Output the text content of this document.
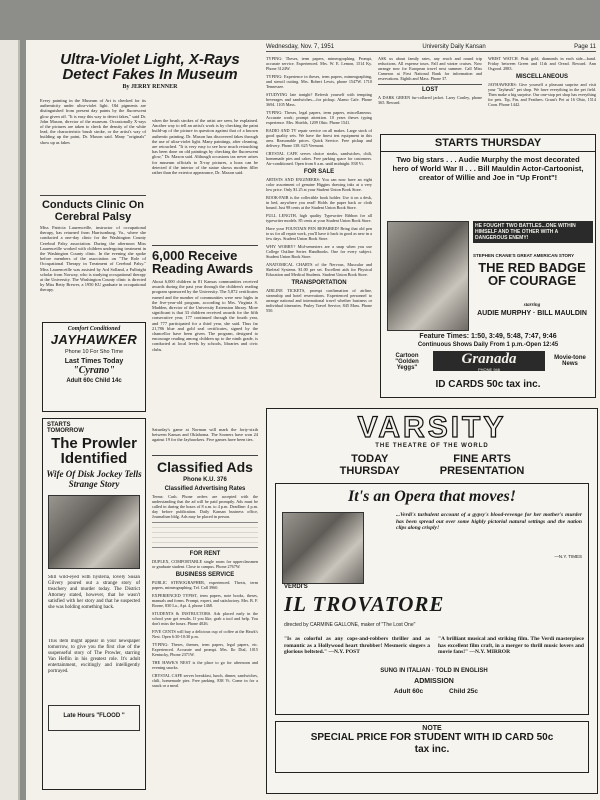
Wednesday, Nov. 7, 1951	University Daily Kansan	Page 11
Ultra-Violet Light, X-Rays Detect Fakes In Museum
By JERRY RENNER
Every painting in the Museum of Art is checked for its authenticity under ultra-violet light. Old pigments are distinguished from present day paints by the fluorescent glow given off. "It is easy this way to detect fakes," said Dr. John Maxon, director of the museum. Occasionally X-rays of the pictures are taken to check the density of the white lead, the characteristic brush stroke, or the artist's way of building up the paint, Dr. Maxon said. Many "originals" show up as fakes
when the brush strokes of the artist are seen, he explained. Another way to tell an artist's work is by checking the paint build-up of the picture in question against that of a known authentic painting. Dr. Maxon has discovered fakes through the use of ultra-violet light. Many paintings, after cleaning, are retouched. "It is very easy to see how much retouching has been done on old paintings by checking the fluorescent glow," Dr. Maxon said. Although occasions tax never arises for museum officials to X-ray pictures, a hoax can be detected if the interior of the statue shows modern filler rather than the exterior appearance, Dr. Maxon said.
Conducts Clinic On Cerebral Palsy
Miss Patricia Laurenceille, instructor of occupational therapy, has returned from Harrisonburg, Va., where she conducted a one-day clinic for the Washington County Cerebral Palsy association. During the afternoon Miss Laurenceille worked with children undergoing treatment in the Washington County clinic. In the evening she spoke before members of the association on "The Role of Occupational Therapy in Treatment of Cerebral Palsy." Miss Laurenceille was assisted by Ard Solland, a Fulbright scholar from Norway, who is studying occupational therapy at the University. The Washington County clinic is directed by Miss Betty Brewer, a 1950 KU graduate in occupational therapy.
6,000 Receive Reading Awards
About 6,000 children in 81 Kansas communities received awards during the past year through the children's reading program sponsored by the University. The 5,872 certificates earned and the number of communities were new highs in the five-year-old program, according to Mrs. Virginia S. Madden, director of the University Extension library. More significant is that 33 children received awards for the fifth consecutive year, 177 continued through the fourth year, and 777 participated for a third year, she said. Thus far 21,786 blue and gold seal certificates, signed by the chancellor have been given. The program, designed to encourage reading among children up to the ninth grade, is conducted at local levels by schools, libraries and civic clubs.
Saturday's game at Norman will mark the forty-sixth between Kansas and Oklahoma. The Sooners have won 24 against 19 for the Jayhawkers. Five games have been ties.
Comfort Conditioned
JAYHAWKER
Phone 10 For Sho Time
Last Times Today
"Cyrano"
Adult 60c Child 14c
STARTS
TOMORROW
The Prowler Identified
Wife Of Disk Jockey Tells Strange Story
Still wild-eyed with hysteria, lovely Susan Gilvery poured out a strange story of treachery and murder today. The District Attorney stated, however, that he wasn't satisfied with her story and that he suspected she was holding something back.
This item might appear in your newspaper tomorrow, to give you the first clue of the suspenseful story of The Prowler, starring Van Heflin in his greatest role. It's adult entertainment, excitingly and intelligently portrayed.
Late Hours "FLOOD "
Classified Ads
Phone K.U. 376
Classified Advertising Rates
Terms: Cash. Phone orders are accepted with the understanding that the ad will be paid promptly. Ads must be called in during the hours of 8 a.m. to 4 p.m. Deadline: 4 p.m. day before publication. Daily Kansan business office, Journalism bldg. Ads may be placed in person.
FOR RENT
DUPLEX, COMFORTABLE single room for upperclassmen or graduate student. Close to campus. Phone 2767W.
BUSINESS SERVICE
PUBLIC STENOGRAPHER, experienced. Thesis, term papers, mimeographing. Tel. Call 3960.
EXPERIENCED TYPIST, term papers, note books, theses, manuals and forms. Prompt, expert, and satisfactory. Mrs. B. F. Boone, 830 La., Apt. 4, phone 1468.
STUDENTS & INSTRUCTORS. Ads placed early in the school year get results. If you like, grab a tool and help. You don't miss the hours. Phone 4026.
FIVE CENTS will buy a delicious cup of coffee at the Hawk's Nest. Open 6:30-10:30 p.m.
TYPING: Theses, themes, term papers, legal papers, etc. Experienced. Accurate and prompt. Mrs. Ilo Dial, 1015 Kentucky, Phone 2371W.
THE HAWK'S NEST is the place to go for afternoon and evening snacks.
CRYSTAL CAFE serves breakfast, lunch, dinner, sandwiches, chili, homemade pies. Free parking. 838 Vt. Come in for a snack or a meal.
TYPING: Theses, term papers, mimeographing. Prompt, accurate service. Experienced. Mrs. W. E. Lemon, 1514 Ky. Phone 3124W.
TYPING: Experience in theses, term papers, mimeographing, and stencil cutting. Mrs. Robert Lewis, phone 1547W. 1710 Tennessee.
STUDYING late tonight? Refresh yourself with tempting beverages and sandwiches—for pickup. Alamo Cafe. Phone 3694. 1105 Mass.
TYPING: Theses, legal papers, term papers, miscellaneous. Accurate work; prompt attention. 10 years theses typing experience. Mrs. Shields, 1209 Ohio. Phone 1541.
RADIO AND TV repair service on all makes. Large stock of good quality sets. We have the finest test equipment in this area. Reasonable prices. Quick Service. Free pickup and delivery. Phone 138. 625 Vermont.
CRYSTAL CAFE serves choice steaks, sandwiches, chili, homemade pies and cakes. Free parking space for customers. Air-conditioned. Open from 6 a.m. until midnight. 838 Vt.
FOR SALE
ARTISTS AND ENGINEERS: You can now have an eight color assortment of genuine Higgins drawing inks at a very low price. Only $1.25 at your Student Union Book Store.
BOOK-FAIR is the collectible book holder. Use it on a desk, in bed, anywhere you read! Holds the paper back or cloth bound. Just 98 cents at the Student Union Book Store.
FULL LENGTH, high quality Typewriter Ribbon for all typewriter models. 85 cents at your Student Union Book Store.
Have your FOUNTAIN PEN REPAIRED! Bring that old pen to us for all repair work, you'll have it back in good as new in a few days. Student Union Book Store.
WHY WORRY? Mid-semesters are a snap when you use College Outline Series Handbooks. One for every subject. Student Union Book Store.
ANATOMICAL CHARTS of the Nervous, Muscular and Skeletal Systems. $1.00 per set. Excellent aids for Physical Education and Medical Students. Student Union Book Store.
TRANSPORTATION
AIRLINE TICKETS, prompt confirmation of airline, steamship and hotel reservations. Experienced personnel to arrange national and international travel whether business or individual itineraries. Pasley Travel Service, 845 Mass. Phone 550.
ASK us about family rates, any reach and round trip reductions. All expense tours. Fall and winter cruises. Now arrange now for European travel next summer. Call Miss Cameron at First National Bank for information and reservations. Eighth and Mass. Phone 37.
LOST
A DARK GREEN fur-collared jacket. Larry Conley, phone 365. Reward.
WRIST WATCH. Pink gold, diamonds in each side—band. Friday between Green and 11th and Oread. Reward. Ann Osgood. 2883.
MISCELLANEOUS
JAYHAWKERS: Give yourself a pleasant surprise and visit your "Jayhawk" pet shop. We have everything in the pet field. Then make a big surprise. Our one-stop pet shop has everything for pets. Tip, Fin, and Feathers. Grant's Pet at 16 Ohio, 1514 Coon. Phone 1442.
STARTS THURSDAY
Two big stars . . . Audie Murphy the most decorated hero of World War II . . . Bill Mauldin Actor-Cartoonist, creator of Willie and Joe in "Up Front"!
HE FOUGHT TWO BATTLES...ONE WITHIN HIMSELF AND THE OTHER WITH A DANGEROUS ENEMY!
STEPHEN CRANE'S GREAT AMERICAN STORY
THE RED BADGE OF COURAGE
starring
AUDIE MURPHY · BILL MAULDIN
Feature Times: 1:50, 3:49, 5:48, 7:47, 9:46
Continuous Shows Daily From 1 p.m.-Open 12:45
Cartoon "Golden Yeggs"
Granada
PHONE 946
Movie-tone News
ID CARDS 50c tax inc.
VARSITY
THE THEATRE OF THE WORLD
TODAY
THURSDAY
FINE ARTS
PRESENTATION
It's an Opera that moves!
...Verdi's turbulent account of a gypsy's blood-revenge for her mother's murder has been spread out over some highly pictorial natural settings and the nation clips along crisply!
—N.Y. TIMES
VERDI'S
IL TROVATORE
directed by CARMINE GALLONE, maker of "The Lost One"
"Is as colorful as any cops-and-robbers thriller and as romantic as a Hollywood heart throbber! Mesmeric singers a glorious beltsted." —N.Y. POST
"A brilliant musical and striking film. The Verdi masterpiece has excellent film craft, in a merger to thrill music lovers and movie fans!" —N.Y. MIRROR
SUNG IN ITALIAN · TOLD IN ENGLISH
ADMISSION
Adult 60c	Child 25c
NOTE
SPECIAL PRICE FOR STUDENT WITH ID CARD 50c tax inc.
